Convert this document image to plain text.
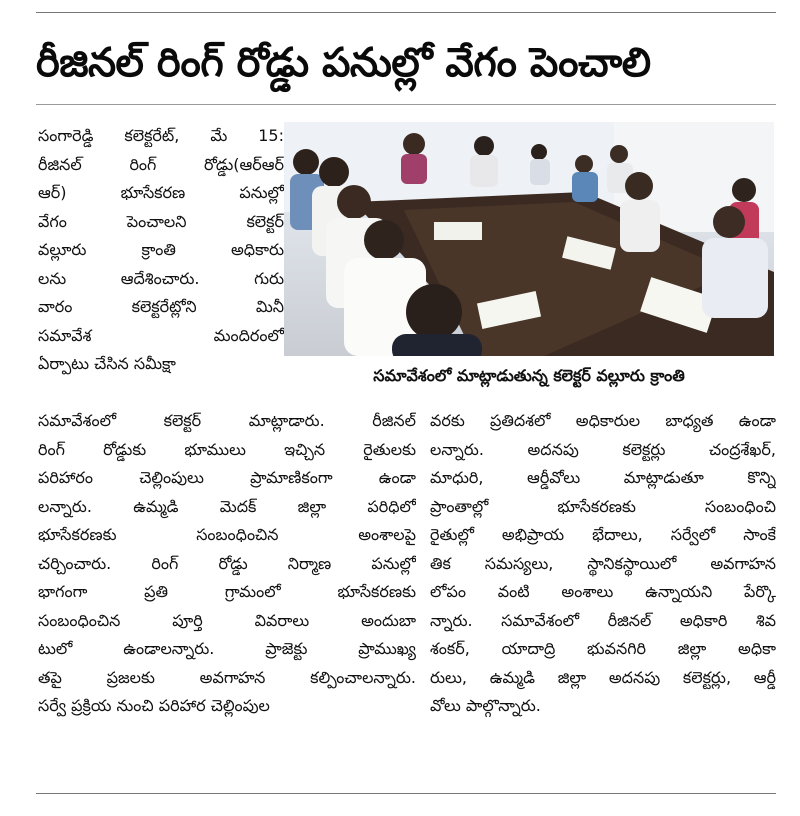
రీజినల్ రింగ్ రోడ్డు పనుల్లో వేగం పెంచాలి
సంగారెడ్డి కలెక్టరేట్, మే 15:
రీజినల్ రింగ్ రోడ్డు(ఆర్ఆర్
ఆర్) భూసేకరణ పనుల్లో
వేగం పెంచాలని కలెక్టర్
వల్లూరు క్రాంతి అధికారు
లను ఆదేశించారు. గురు
వారం కలెక్టరేట్లోని మినీ
సమావేశ మందిరంలో
ఏర్పాటు చేసిన సమీక్షా
సమావేశంలో మాట్లాడుతున్న కలెక్టర్ వల్లూరు క్రాంతి
సమావేశంలో కలెక్టర్ మాట్లాడారు. రీజినల్
రింగ్ రోడ్డుకు భూములు ఇచ్చిన రైతులకు
పరిహారం చెల్లింపులు ప్రామాణికంగా ఉండా
లన్నారు. ఉమ్మడి మెదక్ జిల్లా పరిధిలో
భూసేకరణకు సంబంధించిన అంశాలపై
చర్చించారు. రింగ్ రోడ్డు నిర్మాణ పనుల్లో
భాగంగా ప్రతి గ్రామంలో భూసేకరణకు
సంబంధించిన పూర్తి వివరాలు అందుబా
టులో ఉండాలన్నారు. ప్రాజెక్టు ప్రాముఖ్య
తపై ప్రజలకు అవగాహన కల్పించాలన్నారు.
సర్వే ప్రక్రియ నుంచి పరిహార చెల్లింపుల
వరకు ప్రతిదశలో అధికారుల బాధ్యత ఉండా
లన్నారు. అదనపు కలెక్టర్లు చంద్రశేఖర్,
మాధురి, ఆర్డీవోలు మాట్లాడుతూ కొన్ని
ప్రాంతాల్లో భూసేకరణకు సంబంధించి
రైతుల్లో అభిప్రాయ భేదాలు, సర్వేలో సాంకే
తిక సమస్యలు, స్థానికస్థాయిలో అవగాహన
లోపం వంటి అంశాలు ఉన్నాయని పేర్కొ
న్నారు. సమావేశంలో రీజినల్ అధికారి శివ
శంకర్, యాదాద్రి భువనగిరి జిల్లా అధికా
రులు, ఉమ్మడి జిల్లా అదనపు కలెక్టర్లు, ఆర్డీ
వోలు పాల్గొన్నారు.
